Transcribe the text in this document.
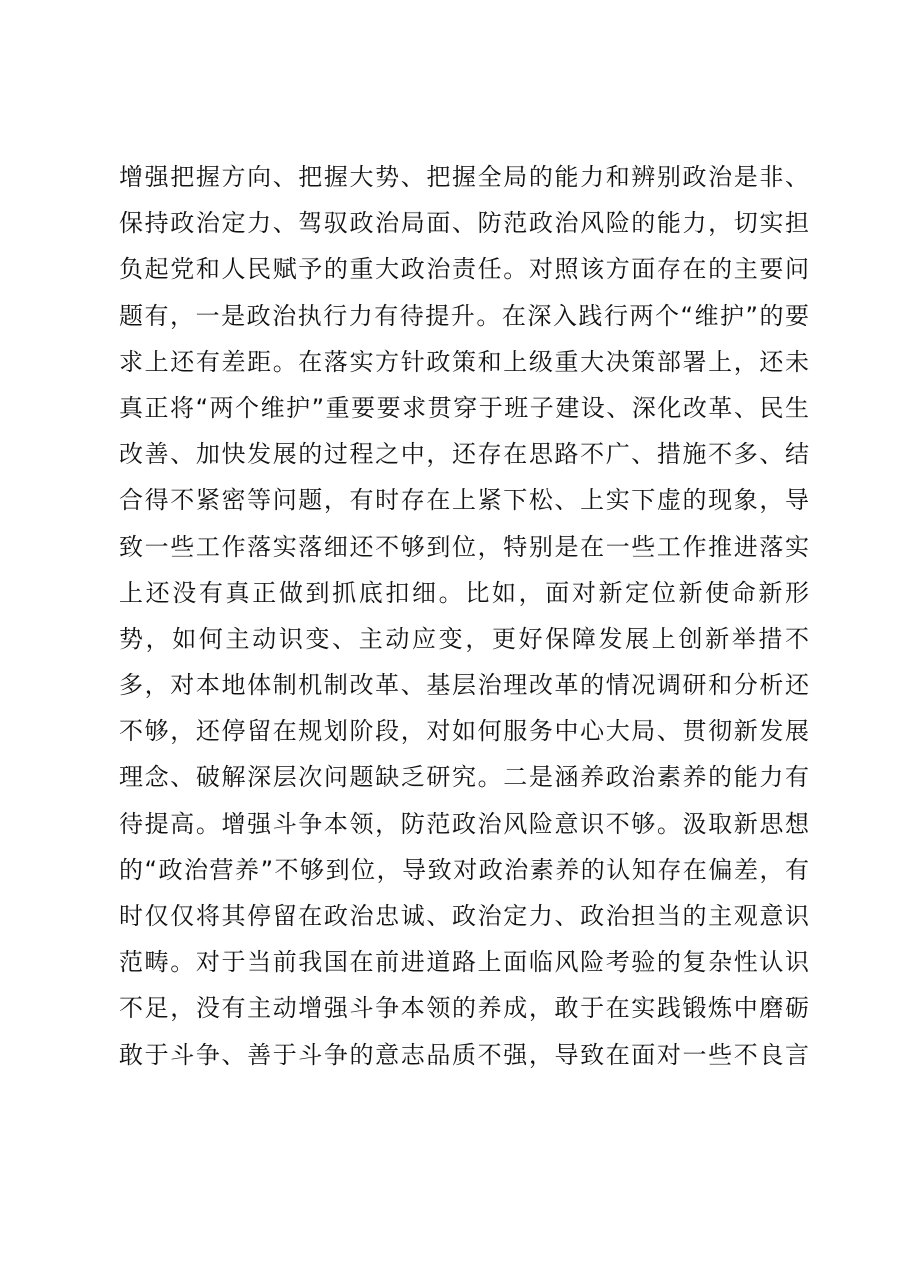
增强把握方向、把握大势、把握全局的能力和辨别政治是非、
保持政治定力、驾驭政治局面、防范政治风险的能力，切实担
负起党和人民赋予的重大政治责任。对照该方面存在的主要问
题有，一是政治执行力有待提升。在深入践行两个“维护”的要
求上还有差距。在落实方针政策和上级重大决策部署上，还未
真正将“两个维护”重要要求贯穿于班子建设、深化改革、民生
改善、加快发展的过程之中，还存在思路不广、措施不多、结
合得不紧密等问题，有时存在上紧下松、上实下虚的现象，导
致一些工作落实落细还不够到位，特别是在一些工作推进落实
上还没有真正做到抓底扣细。比如，面对新定位新使命新形
势，如何主动识变、主动应变，更好保障发展上创新举措不
多，对本地体制机制改革、基层治理改革的情况调研和分析还
不够，还停留在规划阶段，对如何服务中心大局、贯彻新发展
理念、破解深层次问题缺乏研究。二是涵养政治素养的能力有
待提高。增强斗争本领，防范政治风险意识不够。汲取新思想
的“政治营养”不够到位，导致对政治素养的认知存在偏差，有
时仅仅将其停留在政治忠诚、政治定力、政治担当的主观意识
范畴。对于当前我国在前进道路上面临风险考验的复杂性认识
不足，没有主动增强斗争本领的养成，敢于在实践锻炼中磨砺
敢于斗争、善于斗争的意志品质不强，导致在面对一些不良言
